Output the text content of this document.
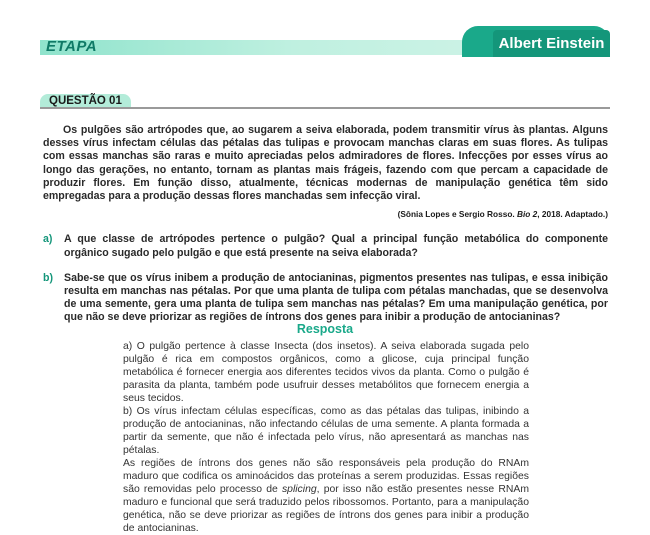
ETAPA	Albert Einstein
QUESTÃO 01

Os pulgões são artrópodes que, ao sugarem a seiva elaborada, podem transmitir vírus às plantas. Alguns desses vírus infectam células das pétalas das tulipas e provocam manchas claras em suas flores. As tulipas com essas manchas são raras e muito apreciadas pelos admiradores de flores. Infecções por esses vírus ao longo das gerações, no entanto, tornam as plantas mais frágeis, fazendo com que percam a capacidade de produzir flores. Em função disso, atualmente, técnicas modernas de manipulação genética têm sido empregadas para a produção dessas flores manchadas sem infecção viral.

(Sônia Lopes e Sergio Rosso. Bio 2, 2018. Adaptado.)

a) A que classe de artrópodes pertence o pulgão? Qual a principal função metabólica do componente orgânico sugado pelo pulgão e que está presente na seiva elaborada?
b) Sabe-se que os vírus inibem a produção de antocianinas, pigmentos presentes nas tulipas, e essa inibição resulta em manchas nas pétalas. Por que uma planta de tulipa com pétalas manchadas, que se desenvolva de uma semente, gera uma planta de tulipa sem manchas nas pétalas? Em uma manipulação genética, por que não se deve priorizar as regiões de íntrons dos genes para inibir a produção de antocianinas?
Resposta

a) O pulgão pertence à classe Insecta (dos insetos). A seiva elaborada sugada pelo pulgão é rica em compostos orgânicos, como a glicose, cuja principal função metabólica é fornecer energia aos diferentes tecidos vivos da planta. Como o pulgão é parasita da planta, também pode usufruir desses metabólitos que fornecem energia a seus tecidos.

b) Os vírus infectam células específicas, como as das pétalas das tulipas, inibindo a produção de antocianinas, não infectando células de uma semente. A planta formada a partir da semente, que não é infectada pelo vírus, não apresentará as manchas nas pétalas.

As regiões de íntrons dos genes não são responsáveis pela produção do RNAm maduro que codifica os aminoácidos das proteínas a serem produzidas. Essas regiões são removidas pelo processo de splicing, por isso não estão presentes nesse RNAm maduro e funcional que será traduzido pelos ribossomos. Portanto, para a manipulação genética, não se deve priorizar as regiões de íntrons dos genes para inibir a produção de antocianinas.
